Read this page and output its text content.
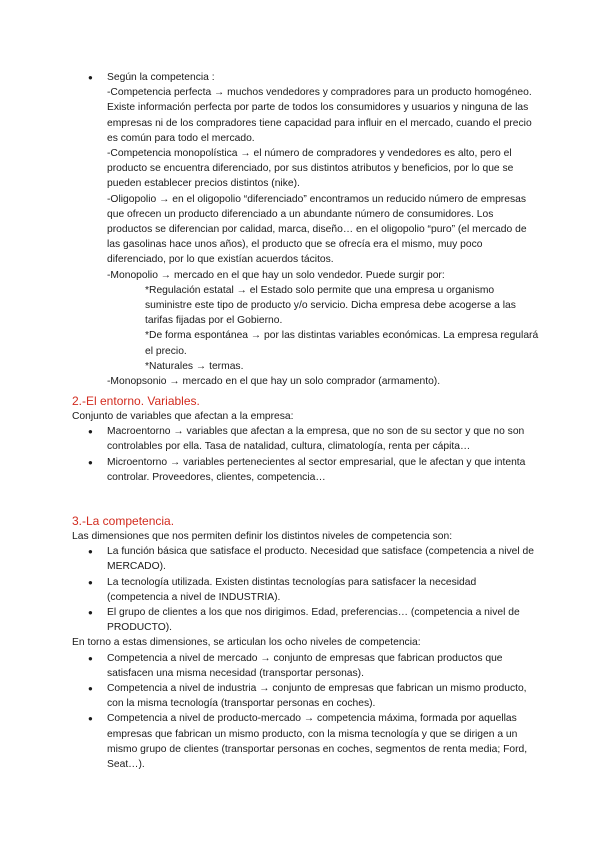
● Según la competencia :
-Competencia perfecta → muchos vendedores y compradores para un producto homogéneo. Existe información perfecta por parte de todos los consumidores y usuarios y ninguna de las empresas ni de los compradores tiene capacidad para influir en el mercado, cuando el precio es común para todo el mercado.
-Competencia monopolística → el número de compradores y vendedores es alto, pero el producto se encuentra diferenciado, por sus distintos atributos y beneficios, por lo que se pueden establecer precios distintos (nike).
-Oligopolio → en el oligopolio “diferenciado” encontramos un reducido número de empresas que ofrecen un producto diferenciado a un abundante número de consumidores. Los productos se diferencian por calidad, marca, diseño… en el oligopolio “puro” (el mercado de las gasolinas hace unos años), el producto que se ofrecía era el mismo, muy poco diferenciado, por lo que existían acuerdos tácitos.
-Monopolio → mercado en el que hay un solo vendedor. Puede surgir por:
*Regulación estatal → el Estado solo permite que una empresa u organismo suministre este tipo de producto y/o servicio. Dicha empresa debe acogerse a las tarifas fijadas por el Gobierno.
*De forma espontánea → por las distintas variables económicas. La empresa regulará el precio.
*Naturales → termas.
-Monopsonio → mercado en el que hay un solo comprador (armamento).
2.-El entorno. Variables.
Conjunto de variables que afectan a la empresa:
● Macroentorno → variables que afectan a la empresa, que no son de su sector y que no son controlables por ella. Tasa de natalidad, cultura, climatología, renta per cápita…
● Microentorno → variables pertenecientes al sector empresarial, que le afectan y que intenta controlar. Proveedores, clientes, competencia…
3.-La competencia.
Las dimensiones que nos permiten definir los distintos niveles de competencia son:
● La función básica que satisface el producto. Necesidad que satisface (competencia a nivel de MERCADO).
● La tecnología utilizada. Existen distintas tecnologías para satisfacer la necesidad (competencia a nivel de INDUSTRIA).
● El grupo de clientes a los que nos dirigimos. Edad, preferencias… (competencia a nivel de PRODUCTO).
En torno a estas dimensiones, se articulan los ocho niveles de competencia:
● Competencia a nivel de mercado → conjunto de empresas que fabrican productos que satisfacen una misma necesidad (transportar personas).
● Competencia a nivel de industria → conjunto de empresas que fabrican un mismo producto, con la misma tecnología (transportar personas en coches).
● Competencia a nivel de producto-mercado → competencia máxima, formada por aquellas empresas que fabrican un mismo producto, con la misma tecnología y que se dirigen a un mismo grupo de clientes (transportar personas en coches, segmentos de renta media; Ford, Seat…).
